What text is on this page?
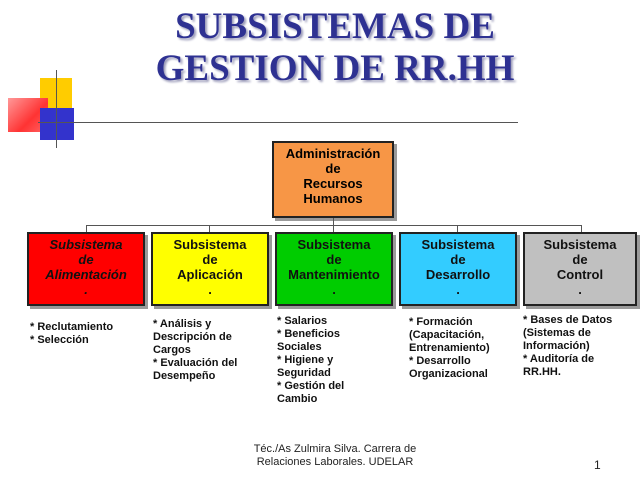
SUBSISTEMAS DE
GESTION DE RR.HH
Administración
de
Recursos
Humanos
Subsistema
de
Alimentación
.
Subsistema
de
Aplicación
.
Subsistema
de
Mantenimiento
.
Subsistema
de
Desarrollo
.
Subsistema
de
Control
.
* Reclutamiento
* Selección
* Análisis y
Descripción de
Cargos
* Evaluación del
Desempeño
* Salarios
* Beneficios
Sociales
* Higiene y
Seguridad
* Gestión del
Cambio
* Formación
(Capacitación,
Entrenamiento)
* Desarrollo
Organizacional
* Bases de Datos
(Sistemas de
Información)
* Auditoría de
RR.HH.
Téc./As Zulmira Silva. Carrera de
Relaciones Laborales. UDELAR	1
